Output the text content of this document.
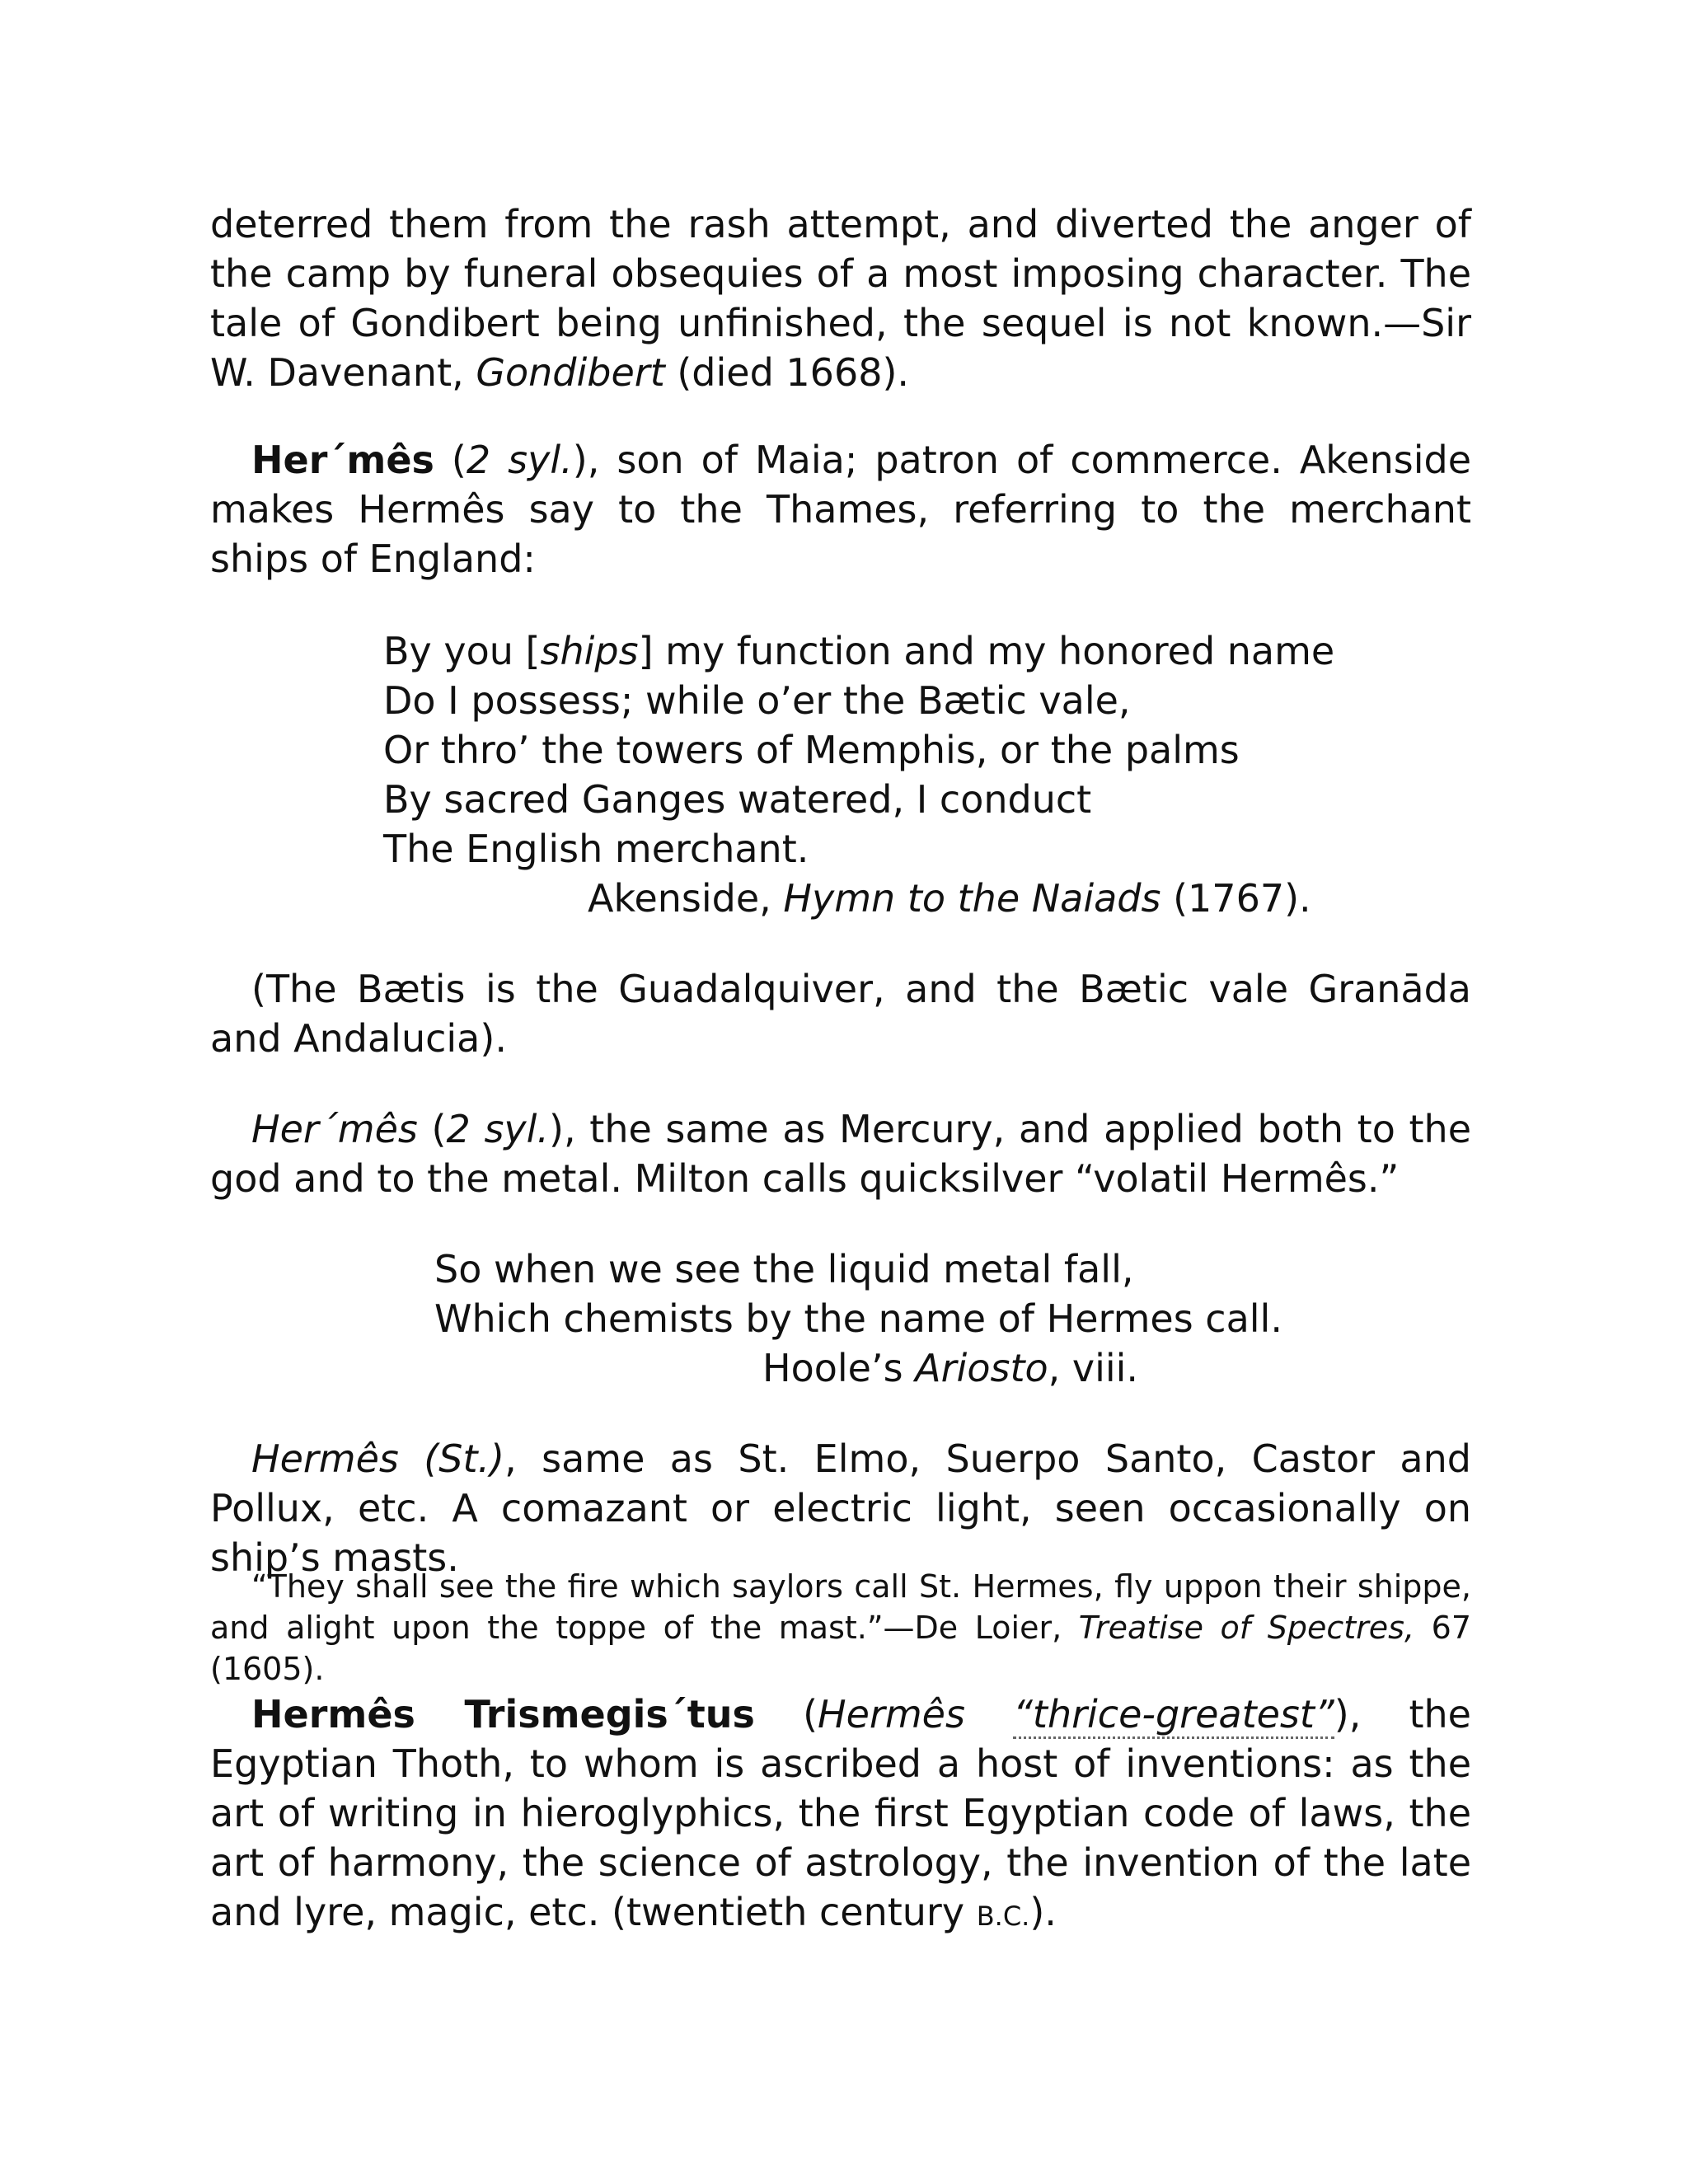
deterred them from the rash attempt, and diverted the anger of the camp by funeral obsequies of a most imposing character. The tale of Gondibert being unfinished, the sequel is not known.—Sir W. Davenant, Gondibert (died 1668).

Her´mês (2 syl.), son of Maia; patron of commerce. Akenside makes Hermês say to the Thames, referring to the merchant ships of England:

By you [ships] my function and my honored name
Do I possess; while o’er the Bætic vale,
Or thro’ the towers of Memphis, or the palms
By sacred Ganges watered, I conduct
The English merchant.
Akenside, Hymn to the Naiads (1767).

(The Bætis is the Guadalquiver, and the Bætic vale Granāda and Andalucia).

Her´mês (2 syl.), the same as Mercury, and applied both to the god and to the metal. Milton calls quicksilver “volatil Hermês.”

So when we see the liquid metal fall,
Which chemists by the name of Hermes call.
Hoole’s Ariosto, viii.

Hermês (St.), same as St. Elmo, Suerpo Santo, Castor and Pollux, etc. A comazant or electric light, seen occasionally on ship’s masts.

“They shall see the fire which saylors call St. Hermes, fly uppon their shippe, and alight upon the toppe of the mast.”—De Loier, Treatise of Spectres, 67 (1605).

Hermês Trismegis´tus (Hermês “thrice-greatest”), the Egyptian Thoth, to whom is ascribed a host of inventions: as the art of writing in hieroglyphics, the first Egyptian code of laws, the art of harmony, the science of astrology, the invention of the late and lyre, magic, etc. (twentieth century B.C.).
